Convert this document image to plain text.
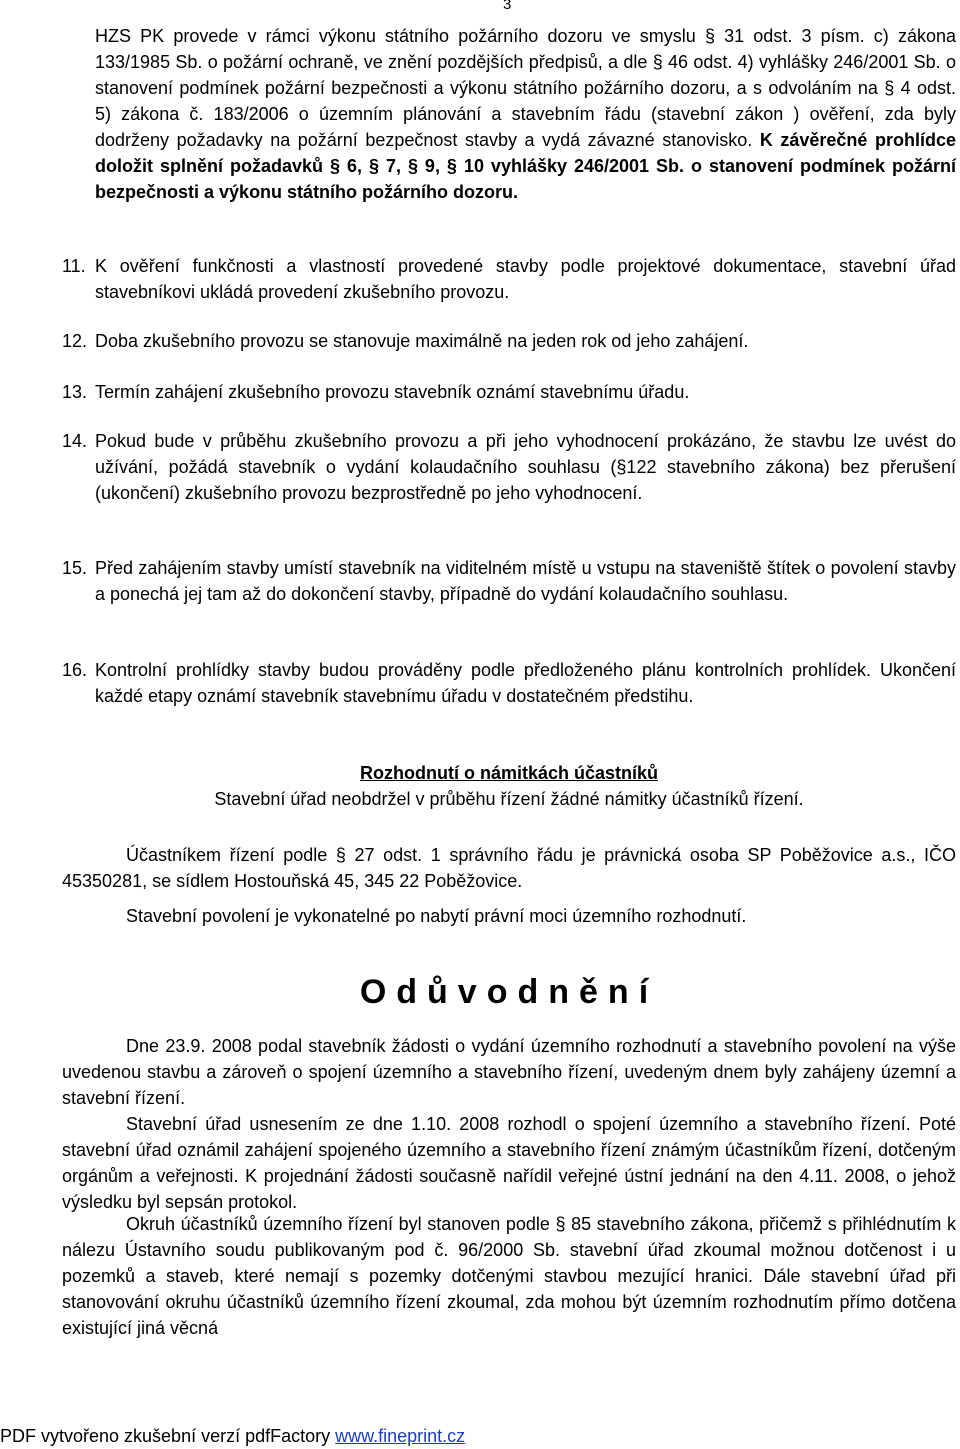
3
HZS PK provede v rámci výkonu státního požárního dozoru ve smyslu § 31 odst. 3 písm. c) zákona 133/1985 Sb. o požární ochraně, ve znění pozdějších předpisů, a dle § 46 odst. 4) vyhlášky 246/2001 Sb. o stanovení podmínek požární bezpečnosti a výkonu státního požárního dozoru, a s odvoláním na § 4 odst. 5) zákona č. 183/2006 o územním plánování a stavebním řádu (stavební zákon ) ověření, zda byly dodrženy požadavky na požární bezpečnost stavby a vydá závazné stanovisko. K závěrečné prohlídce doložit splnění požadavků § 6, § 7, § 9, § 10 vyhlášky 246/2001 Sb. o stanovení podmínek požární bezpečnosti a výkonu státního požárního dozoru.
11. K ověření funkčnosti a vlastností provedené stavby podle projektové dokumentace, stavební úřad stavebníkovi ukládá provedení zkušebního provozu.
12. Doba zkušebního provozu se stanovuje maximálně na jeden rok od jeho zahájení.
13. Termín zahájení zkušebního provozu stavebník oznámí stavebnímu úřadu.
14. Pokud bude v průběhu zkušebního provozu a při jeho vyhodnocení prokázáno, že stavbu lze uvést do užívání, požádá stavebník o vydání kolaudačního souhlasu (§122 stavebního zákona) bez přerušení (ukončení) zkušebního provozu bezprostředně po jeho vyhodnocení.
15. Před zahájením stavby umístí stavebník na viditelném místě u vstupu na staveniště štítek o povolení stavby a ponechá jej tam až do dokončení stavby, případně do vydání kolaudačního souhlasu.
16. Kontrolní prohlídky stavby budou prováděny podle předloženého plánu kontrolních prohlídek. Ukončení každé etapy oznámí stavebník stavebnímu úřadu v dostatečném předstihu.
Rozhodnutí o námitkách účastníků
Stavební úřad neobdržel v průběhu řízení žádné námitky účastníků řízení.
Účastníkem řízení podle § 27 odst. 1 správního řádu je právnická osoba SP Poběžovice a.s., IČO 45350281, se sídlem Hostouňská 45, 345 22 Poběžovice.
Stavební povolení je vykonatelné po nabytí právní moci územního rozhodnutí.
Odůvodnění
Dne 23.9. 2008 podal stavebník žádosti o vydání územního rozhodnutí a stavebního povolení na výše uvedenou stavbu a zároveň o spojení územního a stavebního řízení, uvedeným dnem byly zahájeny územní a stavební řízení.
Stavební úřad usnesením ze dne 1.10. 2008 rozhodl o spojení územního a stavebního řízení. Poté stavební úřad oznámil zahájení spojeného územního a stavebního řízení známým účastníkům řízení, dotčeným orgánům a veřejnosti. K projednání žádosti současně nařídil veřejné ústní jednání na den 4.11. 2008, o jehož výsledku byl sepsán protokol.
Okruh účastníků územního řízení byl stanoven podle § 85 stavebního zákona, přičemž s přihlédnutím k nálezu Ústavního soudu publikovaným pod č. 96/2000 Sb. stavební úřad zkoumal možnou dotčenost i u pozemků a staveb, které nemají s pozemky dotčenými stavbou mezující hranici. Dále stavební úřad při stanovování okruhu účastníků územního řízení zkoumal, zda mohou být územním rozhodnutím přímo dotčena existující jiná věcná
PDF vytvořeno zkušební verzí pdfFactory www.fineprint.cz
